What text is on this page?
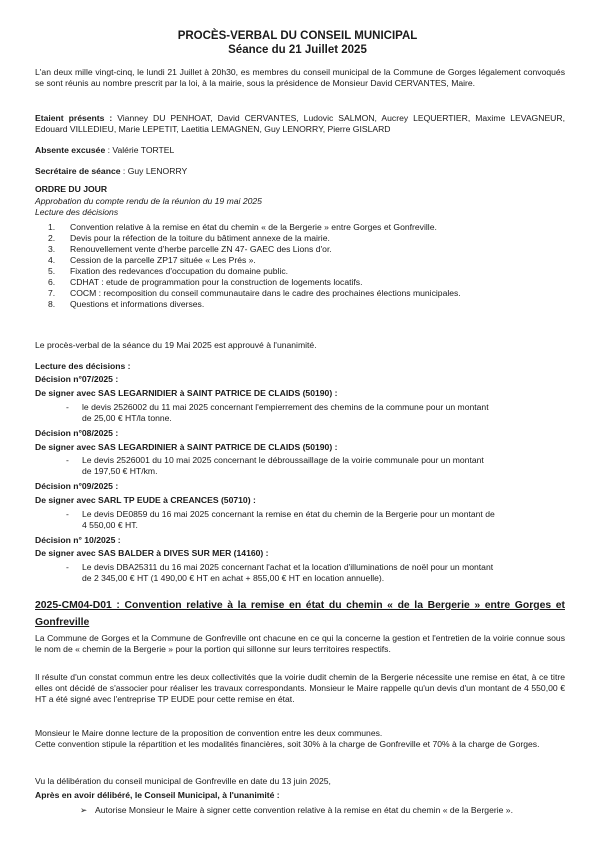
PROCÈS-VERBAL DU CONSEIL MUNICIPAL
Séance du 21 Juillet 2025
L'an deux mille vingt-cinq, le lundi 21 Juillet à 20h30, es membres du conseil municipal de la Commune de Gorges légalement convoqués se sont réunis au nombre prescrit par la loi, à la mairie, sous la présidence de Monsieur David CERVANTES, Maire.
Etaient présents : Vianney DU PENHOAT, David CERVANTES, Ludovic SALMON, Aucrey LEQUERTIER, Maxime LEVAGNEUR, Edouard VILLEDIEU, Marie LEPETIT, Laetitia LEMAGNEN, Guy LENORRY, Pierre GISLARD
Absente excusée : Valérie TORTEL
Secrétaire de séance : Guy LENORRY
ORDRE DU JOUR
Approbation du compte rendu de la réunion du 19 mai 2025
Lecture des décisions
1.	Convention relative à la remise en état du chemin « de la Bergerie » entre Gorges et Gonfreville.
2.	Devis pour la réfection de la toiture du bâtiment annexe de la mairie.
3.	Renouvellement vente d'herbe parcelle ZN 47- GAEC des Lions d'or.
4.	Cession de la parcelle ZP17 située « Les Prés ».
5.	Fixation des redevances d'occupation du domaine public.
6.	CDHAT : etude de programmation pour la construction de logements locatifs.
7.	COCM : recomposition du conseil communautaire dans le cadre des prochaines élections municipales.
8.	Questions et informations diverses.
Le procès-verbal de la séance du 19 Mai 2025 est approuvé à l'unanimité.
Lecture des décisions :
Décision n°07/2025 :
De signer avec SAS LEGARNIDIER à SAINT PATRICE DE CLAIDS (50190) :
-	le devis 2526002 du 11 mai 2025 concernant l'empierrement des chemins de la commune pour un montant
de 25,00 € HT/la tonne.
Décision n°08/2025 :
De signer avec SAS LEGARDINIER à SAINT PATRICE DE CLAIDS (50190) :
-	Le devis 2526001 du 10 mai 2025 concernant le débroussaillage de la voirie communale pour un montant
de 197,50 € HT/km.
Décision n°09/2025 :
De signer avec SARL TP EUDE à CREANCES (50710) :
-	Le devis DE0859 du 16 mai 2025 concernant la remise en état du chemin de la Bergerie pour un montant de
4 550,00 € HT.
Décision n° 10/2025 :
De signer avec SAS BALDER à DIVES SUR MER (14160) :
-	Le devis DBA25311 du 16 mai 2025 concernant l'achat et la location d'illuminations de noël pour un montant
de 2 345,00 € HT (1 490,00 € HT en achat + 855,00 € HT en location annuelle).
2025-CM04-D01 : Convention relative à la remise en état du chemin « de la Bergerie » entre Gorges et Gonfreville
La Commune de Gorges et la Commune de Gonfreville ont chacune en ce qui la concerne la gestion et l'entretien de la voirie connue sous le nom de « chemin de la Bergerie » pour la portion qui sillonne sur leurs territoires respectifs.
Il résulte d'un constat commun entre les deux collectivités que la voirie dudit chemin de la Bergerie nécessite une remise en état, à ce titre elles ont décidé de s'associer pour réaliser les travaux correspondants. Monsieur le Maire rappelle qu'un devis d'un montant de 4 550,00 € HT a été signé avec l'entreprise TP EUDE pour cette remise en état.
Monsieur le Maire donne lecture de la proposition de convention entre les deux communes.
Cette convention stipule la répartition et les modalités financières, soit 30% à la charge de Gonfreville et 70% à la charge de Gorges.
Vu la délibération du conseil municipal de Gonfreville en date du 13 juin 2025,
Après en avoir délibéré, le Conseil Municipal, à l'unanimité :
➢ Autorise Monsieur le Maire à signer cette convention relative à la remise en état du chemin « de la Bergerie ».
